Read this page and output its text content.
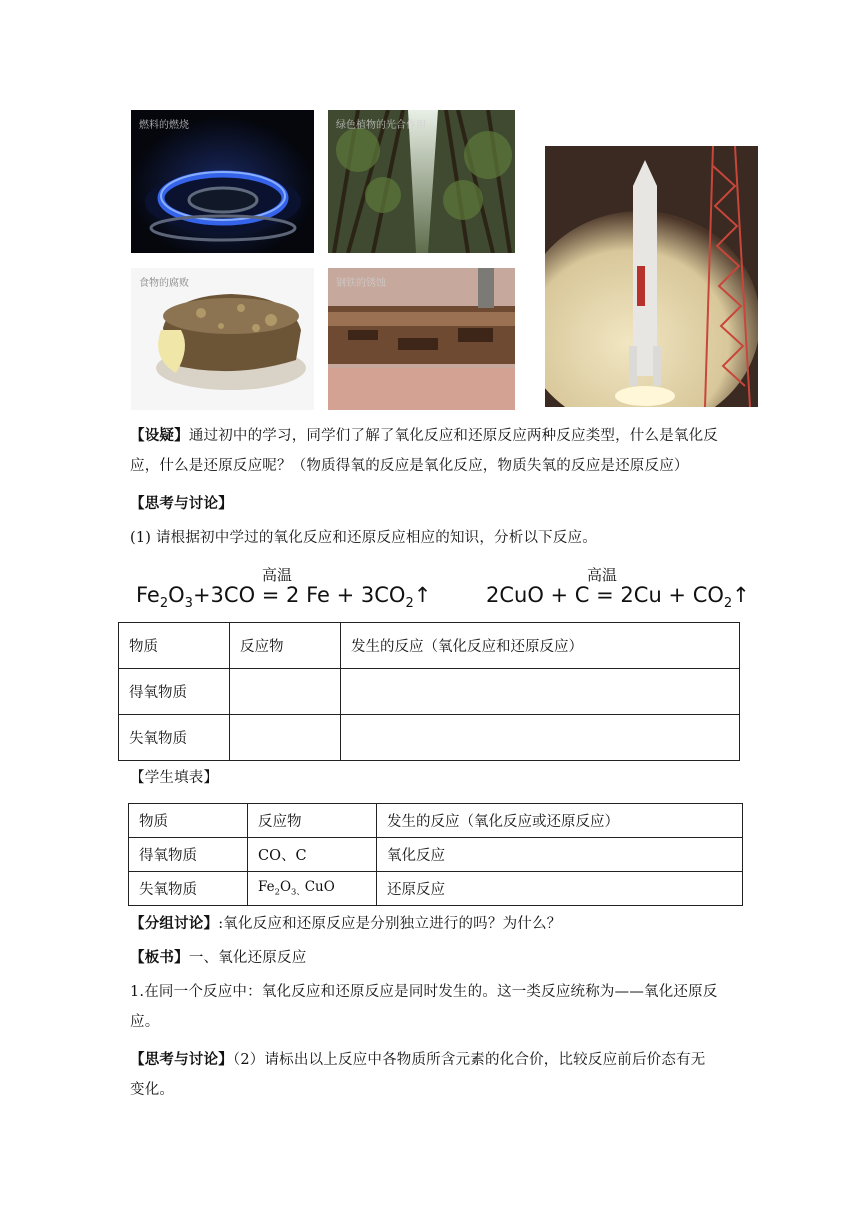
燃料的燃烧	绿色植物的光合作用
食物的腐败	钢铁的锈蚀
【设疑】通过初中的学习，同学们了解了氧化反应和还原反应两种反应类型，什么是氧化反
应，什么是还原反应呢？（物质得氧的反应是氧化反应，物质失氧的反应是还原反应）
【思考与讨论】
(1) 请根据初中学过的氧化反应和还原反应相应的知识，分析以下反应。
高温
$Fe_2O_3+3CO = 2$ $Fe + 3CO_2↑$
高温
$2CuO + C = 2Cu + CO_2↑$
物质	反应物	发生的反应（氧化反应和还原反应）
得氧物质		
失氧物质		
【学生填表】
物质	反应物	发生的反应（氧化反应或还原反应）
得氧物质	CO、C	氧化反应
失氧物质	$Fe_2O_{3、}CuO$	还原反应
【分组讨论】:氧化反应和还原反应是分别独立进行的吗？为什么？
【板书】一、氧化还原反应
1.在同一个反应中：氧化反应和还原反应是同时发生的。这一类反应统称为——氧化还原反
应。
【思考与讨论】（2）请标出以上反应中各物质所含元素的化合价，比较反应前后价态有无
变化。
